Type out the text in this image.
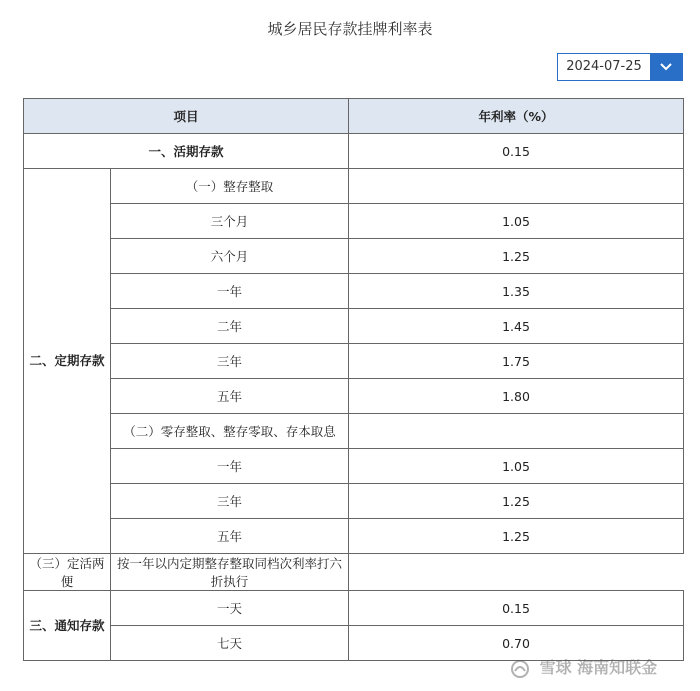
城乡居民存款挂牌利率表
2024-07-25
项目		年利率（%）
一、活期存款		0.15
二、定期存款	（一）整存整取	
	三个月	1.05
	六个月	1.25
	一年	1.35
	二年	1.45
	三年	1.75
	五年	1.80
	（二）零存整取、整存零取、存本取息	
	一年	1.05
	三年	1.25
	五年	1.25
（三）定活两便	按一年以内定期整存整取同档次利率打六折执行	
三、通知存款	一天	0.15
	七天	0.70
雪球 海南知联金
